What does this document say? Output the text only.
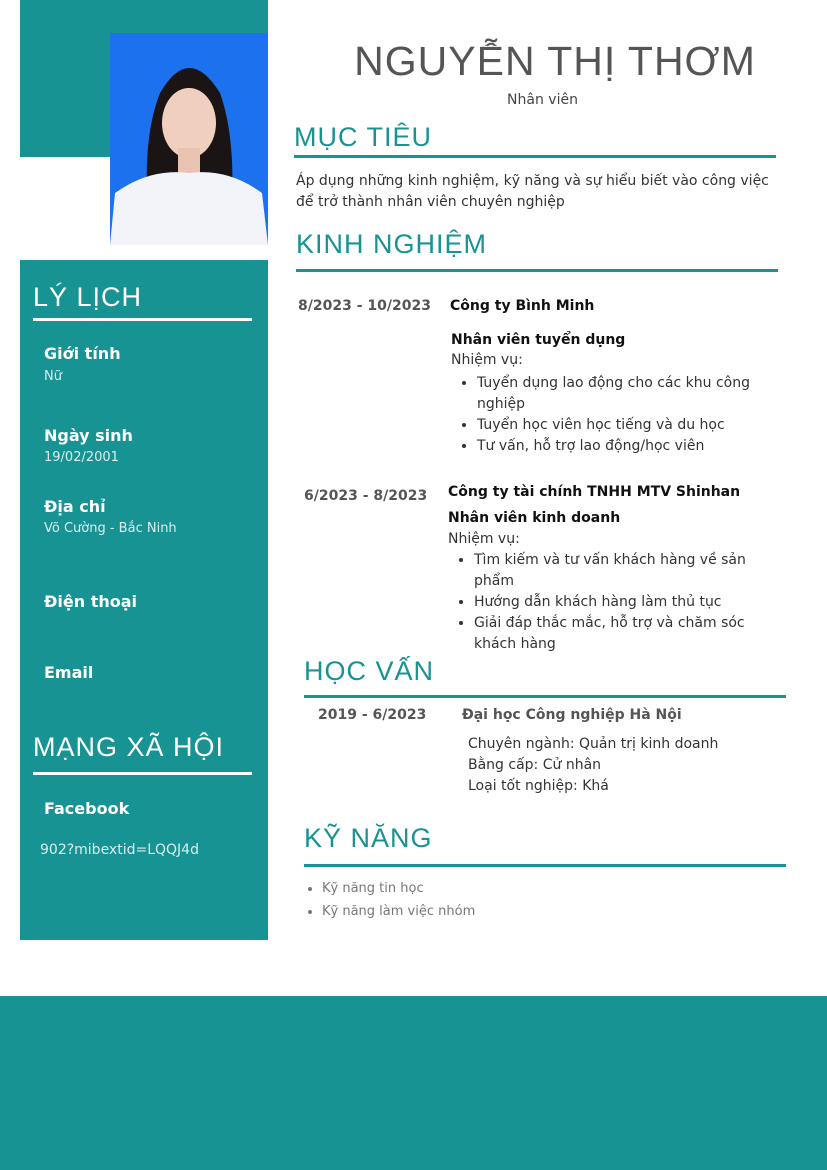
LÝ LỊCH
Giới tính
Nữ
Ngày sinh
19/02/2001
Địa chỉ
Võ Cường - Bắc Ninh
Điện thoại
Email
MẠNG XÃ HỘI
Facebook
902?mibextid=LQQJ4d
NGUYỄN THỊ THƠM
Nhân viên
MỤC TIÊU
Áp dụng những kinh nghiệm, kỹ năng và sự hiểu biết vào công việc để trở thành nhân viên chuyên nghiệp
KINH NGHIỆM
8/2023 - 10/2023 Công ty Bình Minh
Nhân viên tuyển dụng
Nhiệm vụ:
• Tuyển dụng lao động cho các khu công nghiệp
• Tuyển học viên học tiếng và du học
• Tư vấn, hỗ trợ lao động/học viên
6/2023 - 8/2023 Công ty tài chính TNHH MTV Shinhan
Nhân viên kinh doanh
Nhiệm vụ:
• Tìm kiếm và tư vấn khách hàng về sản phẩm
• Hướng dẫn khách hàng làm thủ tục
• Giải đáp thắc mắc, hỗ trợ và chăm sóc khách hàng
HỌC VẤN
2019 - 6/2023	Đại học Công nghiệp Hà Nội
Chuyên ngành: Quản trị kinh doanh
Bằng cấp: Cử nhân
Loại tốt nghiệp: Khá
KỸ NĂNG
• Kỹ năng tin học
• Kỹ năng làm việc nhóm
